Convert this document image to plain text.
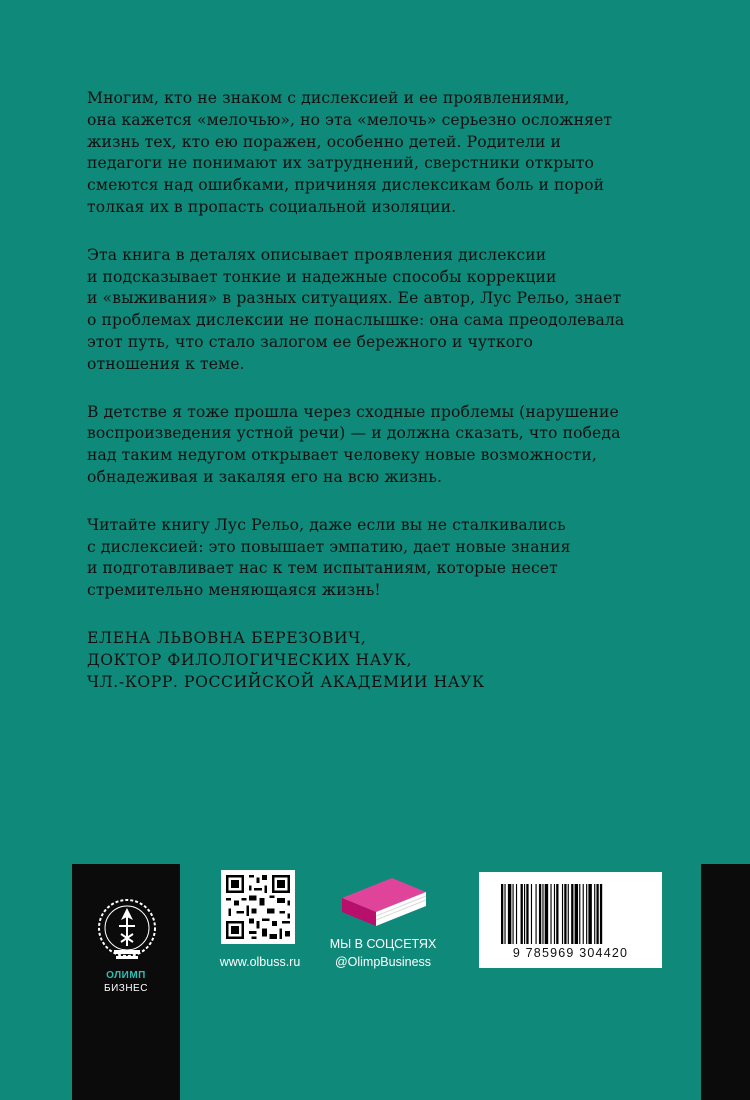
Многим, кто не знаком с дислексией и ее проявлениями,
она кажется «мелочью», но эта «мелочь» серьезно осложняет
жизнь тех, кто ею поражен, особенно детей. Родители и
педагоги не понимают их затруднений, сверстники открыто
смеются над ошибками, причиняя дислексикам боль и порой
толкая их в пропасть социальной изоляции.

Эта книга в деталях описывает проявления дислексии
и подсказывает тонкие и надежные способы коррекции
и «выживания» в разных ситуациях. Ее автор, Лус Рельо, знает
о проблемах дислексии не понаслышке: она сама преодолевала
этот путь, что стало залогом ее бережного и чуткого
отношения к теме.

В детстве я тоже прошла через сходные проблемы (нарушение
воспроизведения устной речи) — и должна сказать, что победа
над таким недугом открывает человеку новые возможности,
обнадеживая и закаляя его на всю жизнь.

Читайте книгу Лус Рельо, даже если вы не сталкивались
с дислексией: это повышает эмпатию, дает новые знания
и подготавливает нас к тем испытаниям, которые несет
стремительно меняющаяся жизнь!

ЕЛЕНА ЛЬВОВНА БЕРЕЗОВИЧ,
ДОКТОР ФИЛОЛОГИЧЕСКИХ НАУК,
ЧЛ.-КОРР. РОССИЙСКОЙ АКАДЕМИИ НАУК
ОЛИМП
БИЗНЕС
www.olbuss.ru
МЫ В СОЦСЕТЯХ
@OlimpBusiness
9 785969 304420
